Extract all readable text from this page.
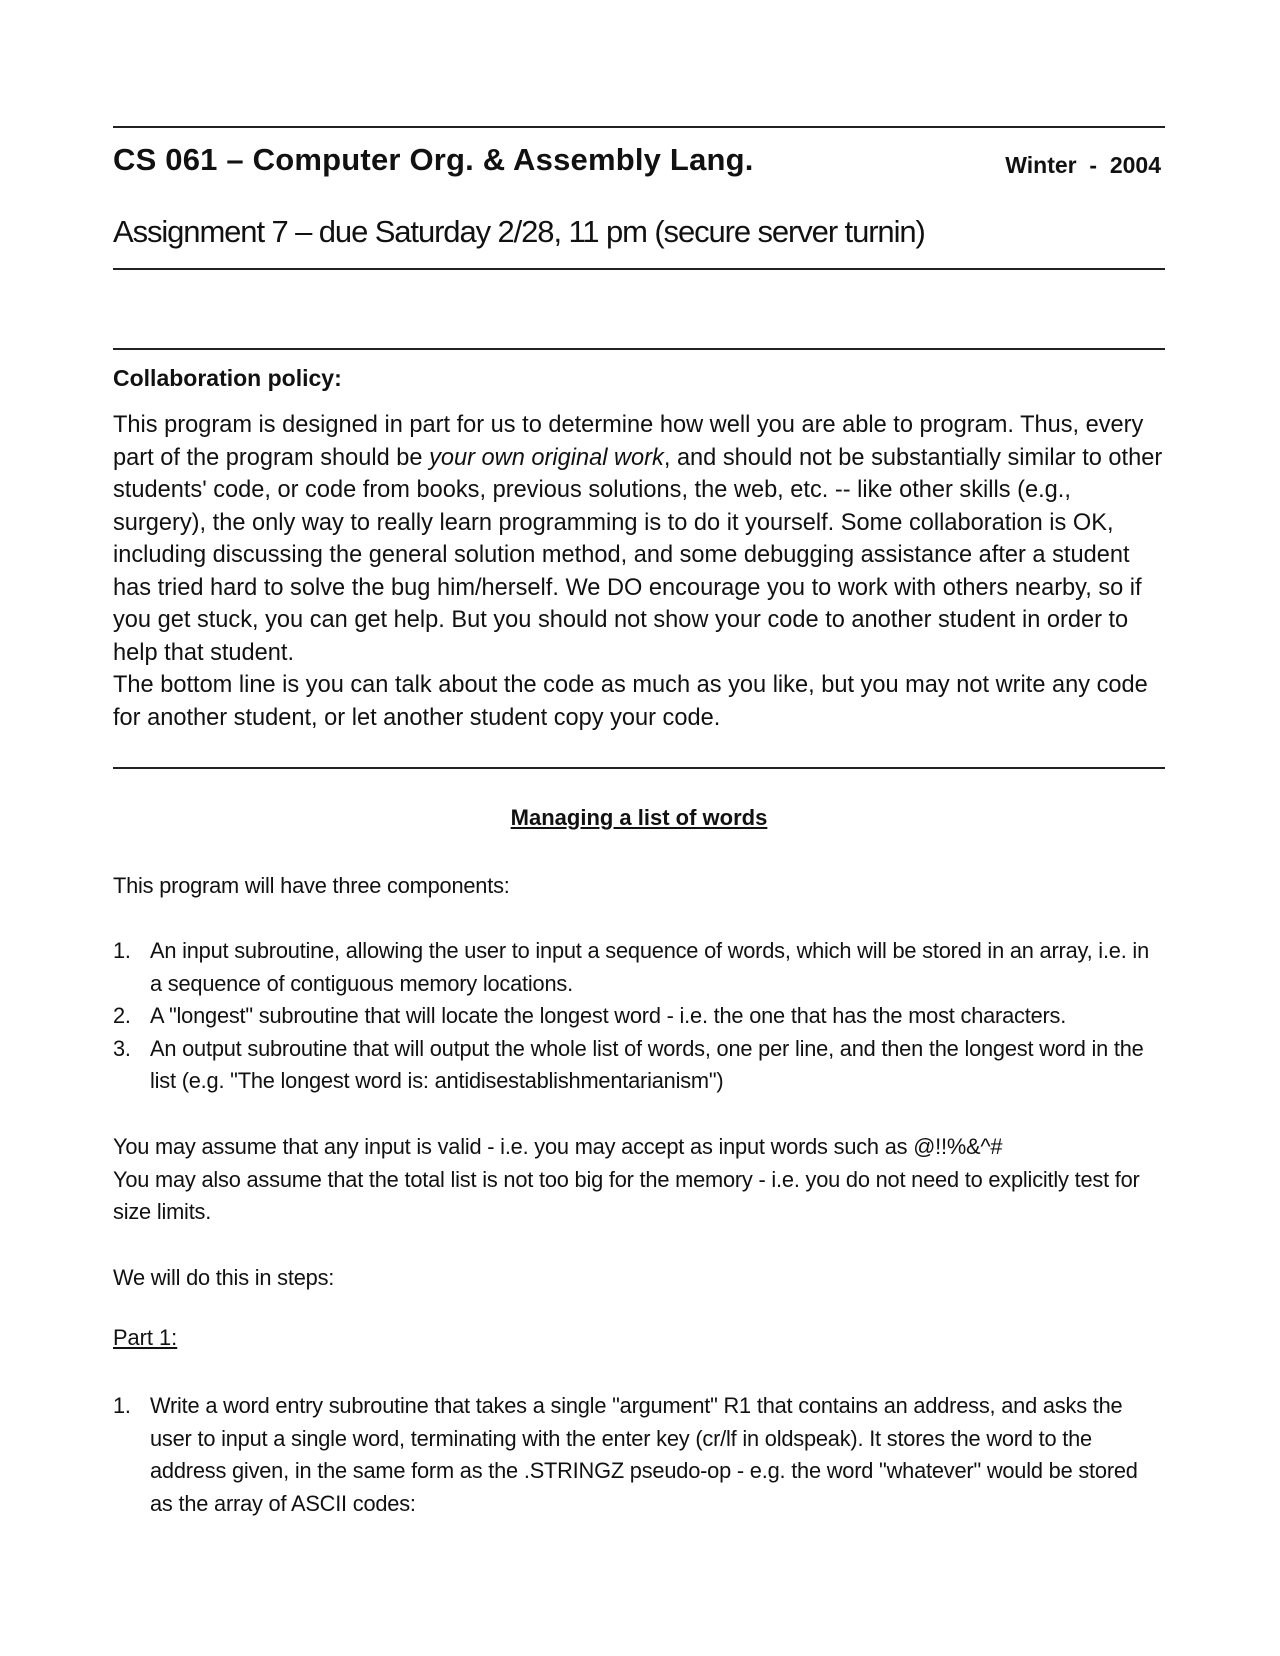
CS 061 – Computer Org. & Assembly Lang.	Winter  -  2004
Assignment 7 – due Saturday 2/28, 11 pm (secure server turnin)
Collaboration policy:

This program is designed in part for us to determine how well you are able to program. Thus, every part of the program should be your own original work, and should not be substantially similar to other students' code, or code from books, previous solutions, the web, etc. -- like other skills (e.g., surgery), the only way to really learn programming is to do it yourself. Some collaboration is OK, including discussing the general solution method, and some debugging assistance after a student has tried hard to solve the bug him/herself. We DO encourage you to work with others nearby, so if you get stuck, you can get help. But you should not show your code to another student in order to help that student.

The bottom line is you can talk about the code as much as you like, but you may not write any code for another student, or let another student copy your code.

Managing a list of words
This program will have three components:
1. An input subroutine, allowing the user to input a sequence of words, which will be stored in an array, i.e. in a sequence of contiguous memory locations.
2. A "longest" subroutine that will locate the longest word - i.e. the one that has the most characters.
3. An output subroutine that will output the whole list of words, one per line, and then the longest word in the list (e.g. "The longest word is: antidisestablishmentarianism")

You may assume that any input is valid - i.e. you may accept as input words such as @!!%&^#

You may also assume that the total list is not too big for the memory - i.e. you do not need to explicitly test for size limits.

We will do this in steps:
Part 1:
1. Write a word entry subroutine that takes a single "argument" R1 that contains an address, and asks the user to input a single word, terminating with the enter key (cr/lf in oldspeak). It stores the word to the address given, in the same form as the .STRINGZ pseudo-op - e.g. the word "whatever" would be stored as the array of ASCII codes:
